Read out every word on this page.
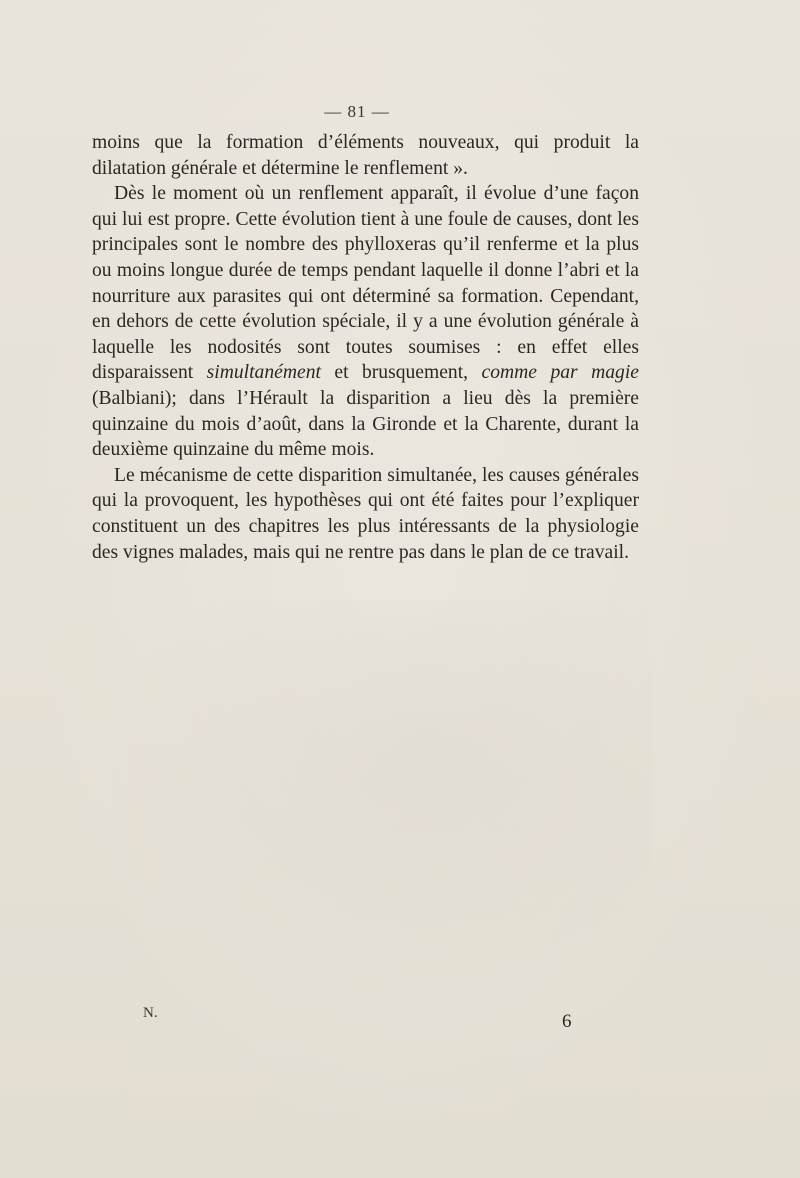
— 81 —

moins que la formation d’éléments nouveaux, qui produit la dilatation générale et détermine le renflement ».

Dès le moment où un renflement apparaît, il évolue d’une façon qui lui est propre. Cette évolution tient à une foule de causes, dont les principales sont le nombre des phylloxeras qu’il renferme et la plus ou moins longue durée de temps pendant laquelle il donne l’abri et la nourriture aux parasites qui ont déterminé sa formation. Cependant, en dehors de cette évolution spéciale, il y a une évolution générale à laquelle les nodosités sont toutes soumises : en effet elles disparaissent simultanément et brusquement, comme par magie (Balbiani); dans l’Hérault la disparition a lieu dès la première quinzaine du mois d’août, dans la Gironde et la Charente, durant la deuxième quinzaine du même mois.

Le mécanisme de cette disparition simultanée, les causes générales qui la provoquent, les hypothèses qui ont été faites pour l’expliquer constituent un des chapitres les plus intéressants de la physiologie des vignes malades, mais qui ne rentre pas dans le plan de ce travail.

N.	6
